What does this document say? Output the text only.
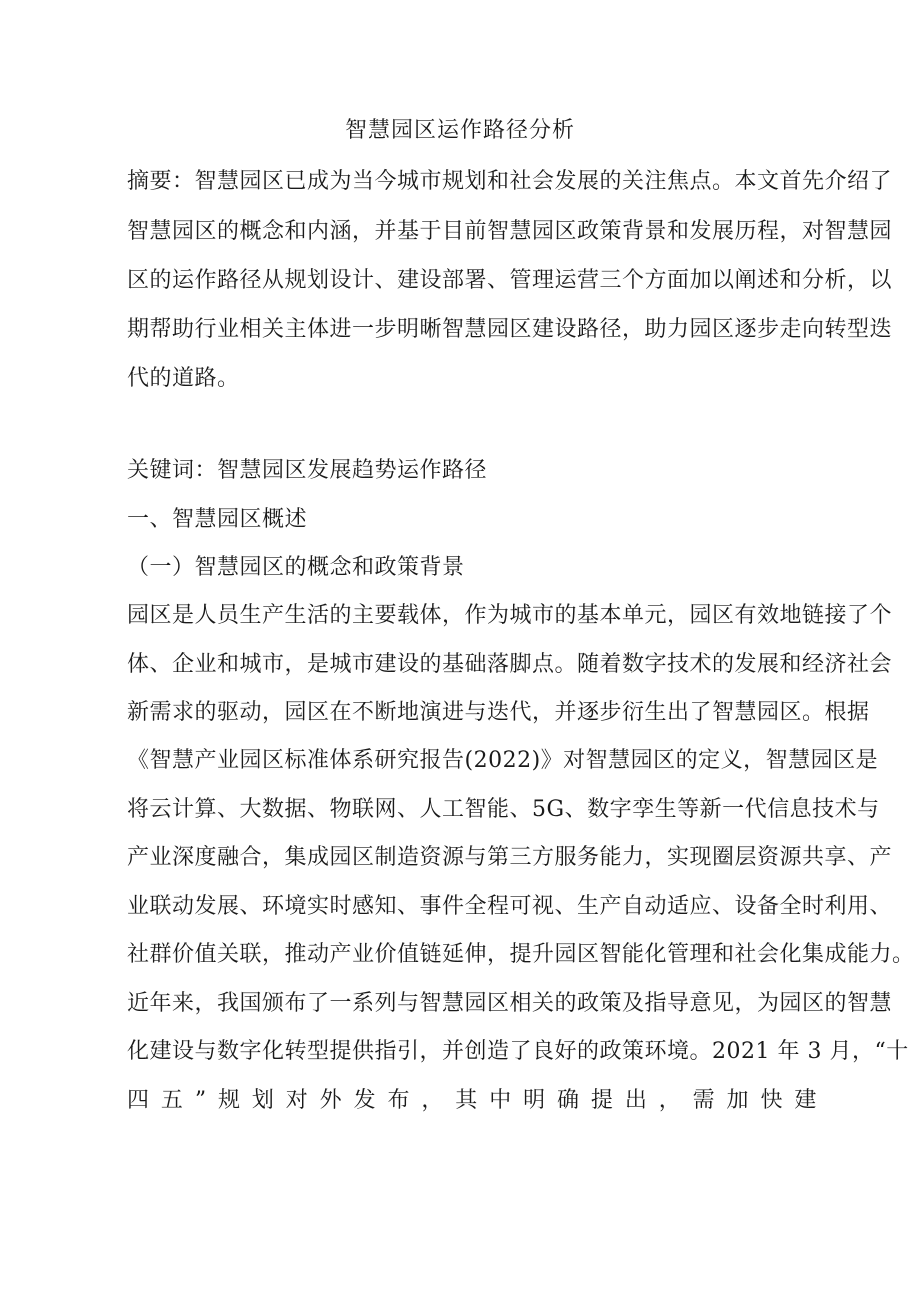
智慧园区运作路径分析
摘要：智慧园区已成为当今城市规划和社会发展的关注焦点。本文首先介绍了
智慧园区的概念和内涵，并基于目前智慧园区政策背景和发展历程，对智慧园
区的运作路径从规划设计、建设部署、管理运营三个方面加以阐述和分析，以
期帮助行业相关主体进一步明晰智慧园区建设路径，助力园区逐步走向转型迭
代的道路。
关键词：智慧园区发展趋势运作路径
一、智慧园区概述
（一）智慧园区的概念和政策背景
园区是人员生产生活的主要载体，作为城市的基本单元，园区有效地链接了个
体、企业和城市，是城市建设的基础落脚点。随着数字技术的发展和经济社会
新需求的驱动，园区在不断地演进与迭代，并逐步衍生出了智慧园区。根据
《智慧产业园区标准体系研究报告(2022)》对智慧园区的定义，智慧园区是
将云计算、大数据、物联网、人工智能、5G、数字孪生等新一代信息技术与
产业深度融合，集成园区制造资源与第三方服务能力，实现圈层资源共享、产
业联动发展、环境实时感知、事件全程可视、生产自动适应、设备全时利用、
社群价值关联，推动产业价值链延伸，提升园区智能化管理和社会化集成能力。
近年来，我国颁布了一系列与智慧园区相关的政策及指导意见，为园区的智慧
化建设与数字化转型提供指引，并创造了良好的政策环境。2021 年 3 月，“十
四 五 ” 规 划 对 外 发 布 ， 其 中 明 确 提 出 ， 需 加 快 建
